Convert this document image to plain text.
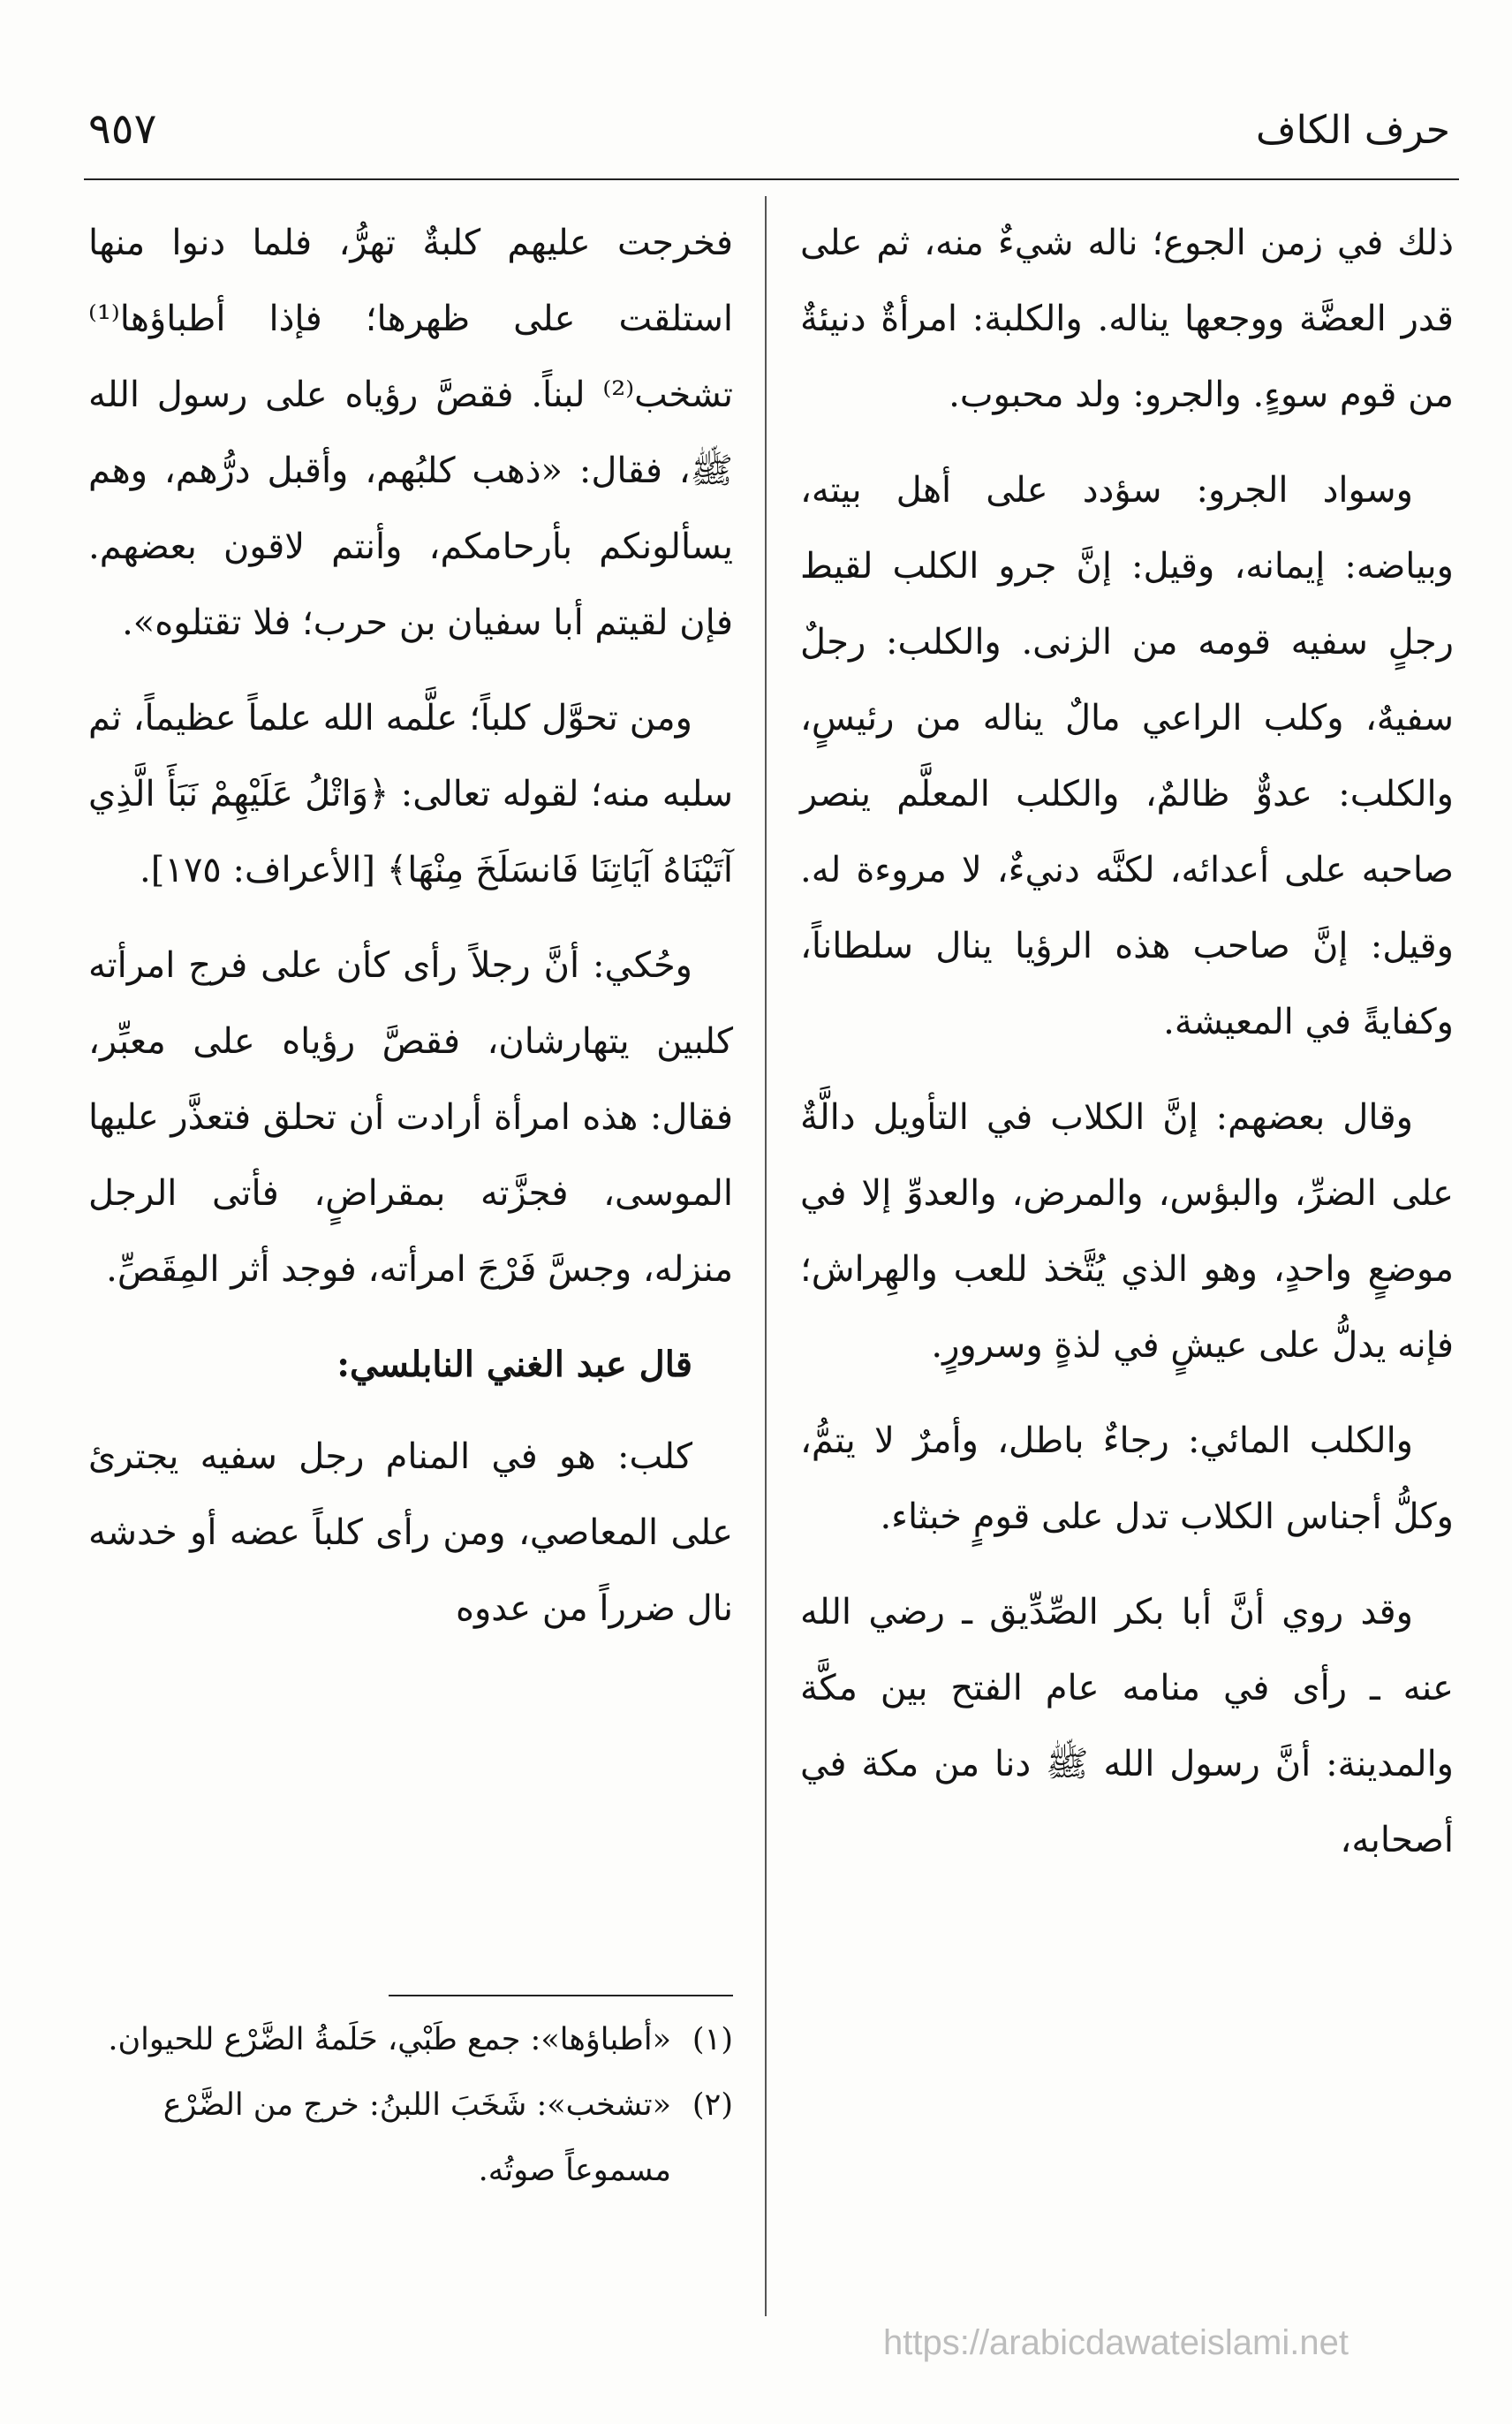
حرف الكاف
٩٥٧

ذلك في زمن الجوع؛ ناله شيءٌ منه، ثم على قدر العضَّة ووجعها يناله. والكلبة: امرأةٌ دنيئةٌ من قوم سوءٍ. والجرو: ولد محبوب.

وسواد الجرو: سؤدد على أهل بيته، وبياضه: إيمانه، وقيل: إنَّ جرو الكلب لقيط رجلٍ سفيه قومه من الزنى. والكلب: رجلٌ سفيهٌ، وكلب الراعي مالٌ يناله من رئيسٍ، والكلب: عدوٌّ ظالمٌ، والكلب المعلَّم ينصر صاحبه على أعدائه، لكنَّه دنيءٌ، لا مروءة له. وقيل: إنَّ صاحب هذه الرؤيا ينال سلطاناً، وكفايةً في المعيشة.

وقال بعضهم: إنَّ الكلاب في التأويل دالَّةٌ على الضرِّ، والبؤس، والمرض، والعدوِّ إلا في موضعٍ واحدٍ، وهو الذي يُتَّخذ للعب والهِراش؛ فإنه يدلُّ على عيشٍ في لذةٍ وسرورٍ.

والكلب المائي: رجاءٌ باطل، وأمرٌ لا يتمُّ، وكلُّ أجناس الكلاب تدل على قومٍ خبثاء.

وقد روي أنَّ أبا بكر الصِّدِّيق ـ رضي الله عنه ـ رأى في منامه عام الفتح بين مكَّة والمدينة: أنَّ رسول الله ﷺ دنا من مكة في أصحابه،

فخرجت عليهم كلبةٌ تهرُّ، فلما دنوا منها استلقت على ظهرها؛ فإذا أطباؤها⁽¹⁾ تشخب⁽²⁾ لبناً. فقصَّ رؤياه على رسول الله ﷺ، فقال: «ذهب كلبُهم، وأقبل درُّهم، وهم يسألونكم بأرحامكم، وأنتم لاقون بعضهم. فإن لقيتم أبا سفيان بن حرب؛ فلا تقتلوه».

ومن تحوَّل كلباً؛ علَّمه الله علماً عظيماً، ثم سلبه منه؛ لقوله تعالى: ﴿وَاتْلُ عَلَيْهِمْ نَبَأَ الَّذِي آتَيْنَاهُ آيَاتِنَا فَانسَلَخَ مِنْهَا﴾ [الأعراف: ١٧٥].

وحُكي: أنَّ رجلاً رأى كأن على فرج امرأته كلبين يتهارشان، فقصَّ رؤياه على معبِّر، فقال: هذه امرأة أرادت أن تحلق فتعذَّر عليها الموسى، فجزَّته بمقراضٍ، فأتى الرجل منزله، وجسَّ فَرْجَ امرأته، فوجد أثر المِقَصِّ.

قال عبد الغني النابلسي:

كلب: هو في المنام رجل سفيه يجترئ على المعاصي، ومن رأى كلباً عضه أو خدشه نال ضرراً من عدوه

(١)
«أطباؤها»: جمع طَبْي، حَلَمةُ الضَّرْع للحيوان.
(٢)
«تشخب»: شَخَبَ اللبنُ: خرج من الضَّرْع مسموعاً صوتُه.
https://arabicdawateislami.net
